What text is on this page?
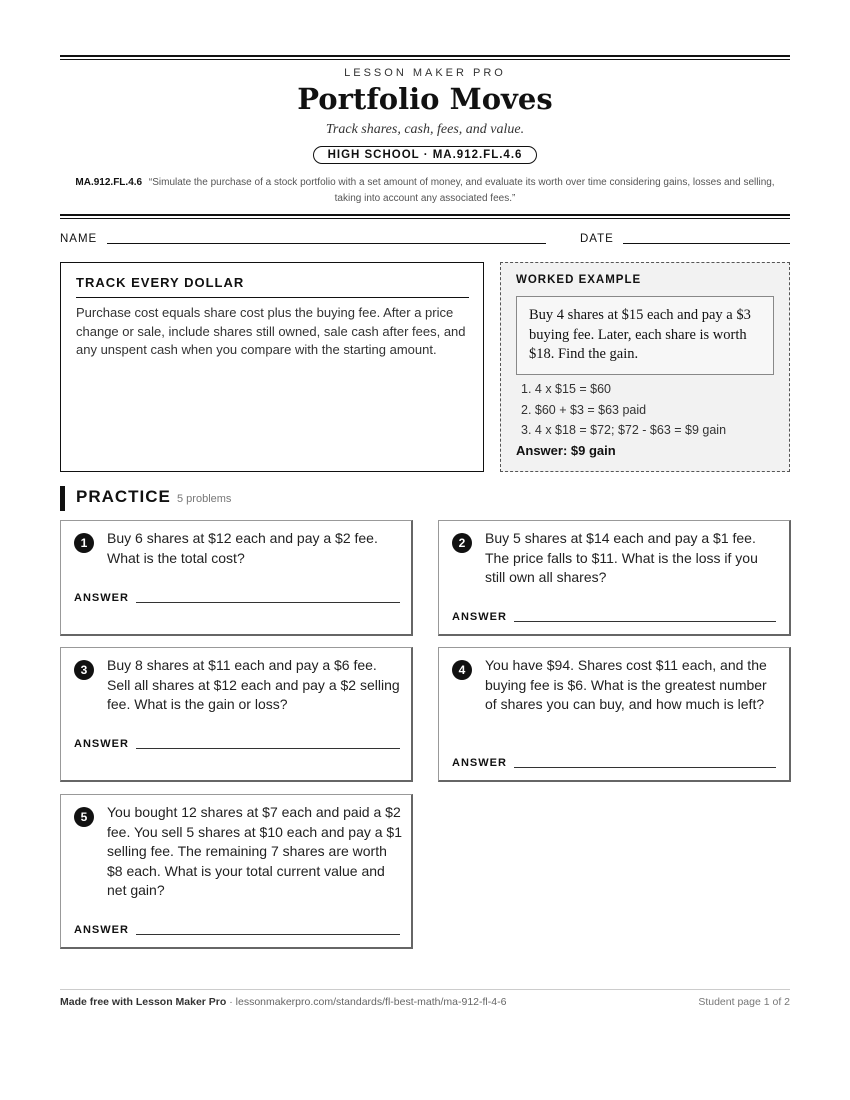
LESSON MAKER PRO
Portfolio Moves
Track shares, cash, fees, and value.
HIGH SCHOOL · MA.912.FL.4.6
MA.912.FL.4.6 “Simulate the purchase of a stock portfolio with a set amount of money, and evaluate its worth over time considering gains, losses and selling, taking into account any associated fees.”
NAME	DATE
TRACK EVERY DOLLAR
Purchase cost equals share cost plus the buying fee. After a price change or sale, include shares still owned, sale cash after fees, and any unspent cash when you compare with the starting amount.
WORKED EXAMPLE
Buy 4 shares at $15 each and pay a $3 buying fee. Later, each share is worth $18. Find the gain.
1. 4 x $15 = $60
2. $60 + $3 = $63 paid
3. 4 x $18 = $72; $72 - $63 = $9 gain
Answer: $9 gain
PRACTICE 5 problems
1	Buy 6 shares at $12 each and pay a $2 fee. What is the total cost?
ANSWER
2	Buy 5 shares at $14 each and pay a $1 fee. The price falls to $11. What is the loss if you still own all shares?
ANSWER
3	Buy 8 shares at $11 each and pay a $6 fee. Sell all shares at $12 each and pay a $2 selling fee. What is the gain or loss?
ANSWER
4	You have $94. Shares cost $11 each, and the buying fee is $6. What is the greatest number of shares you can buy, and how much is left?
ANSWER
5	You bought 12 shares at $7 each and paid a $2 fee. You sell 5 shares at $10 each and pay a $1 selling fee. The remaining 7 shares are worth $8 each. What is your total current value and net gain?
ANSWER
Made free with Lesson Maker Pro · lessonmakerpro.com/standards/fl-best-math/ma-912-fl-4-6	Student page 1 of 2
